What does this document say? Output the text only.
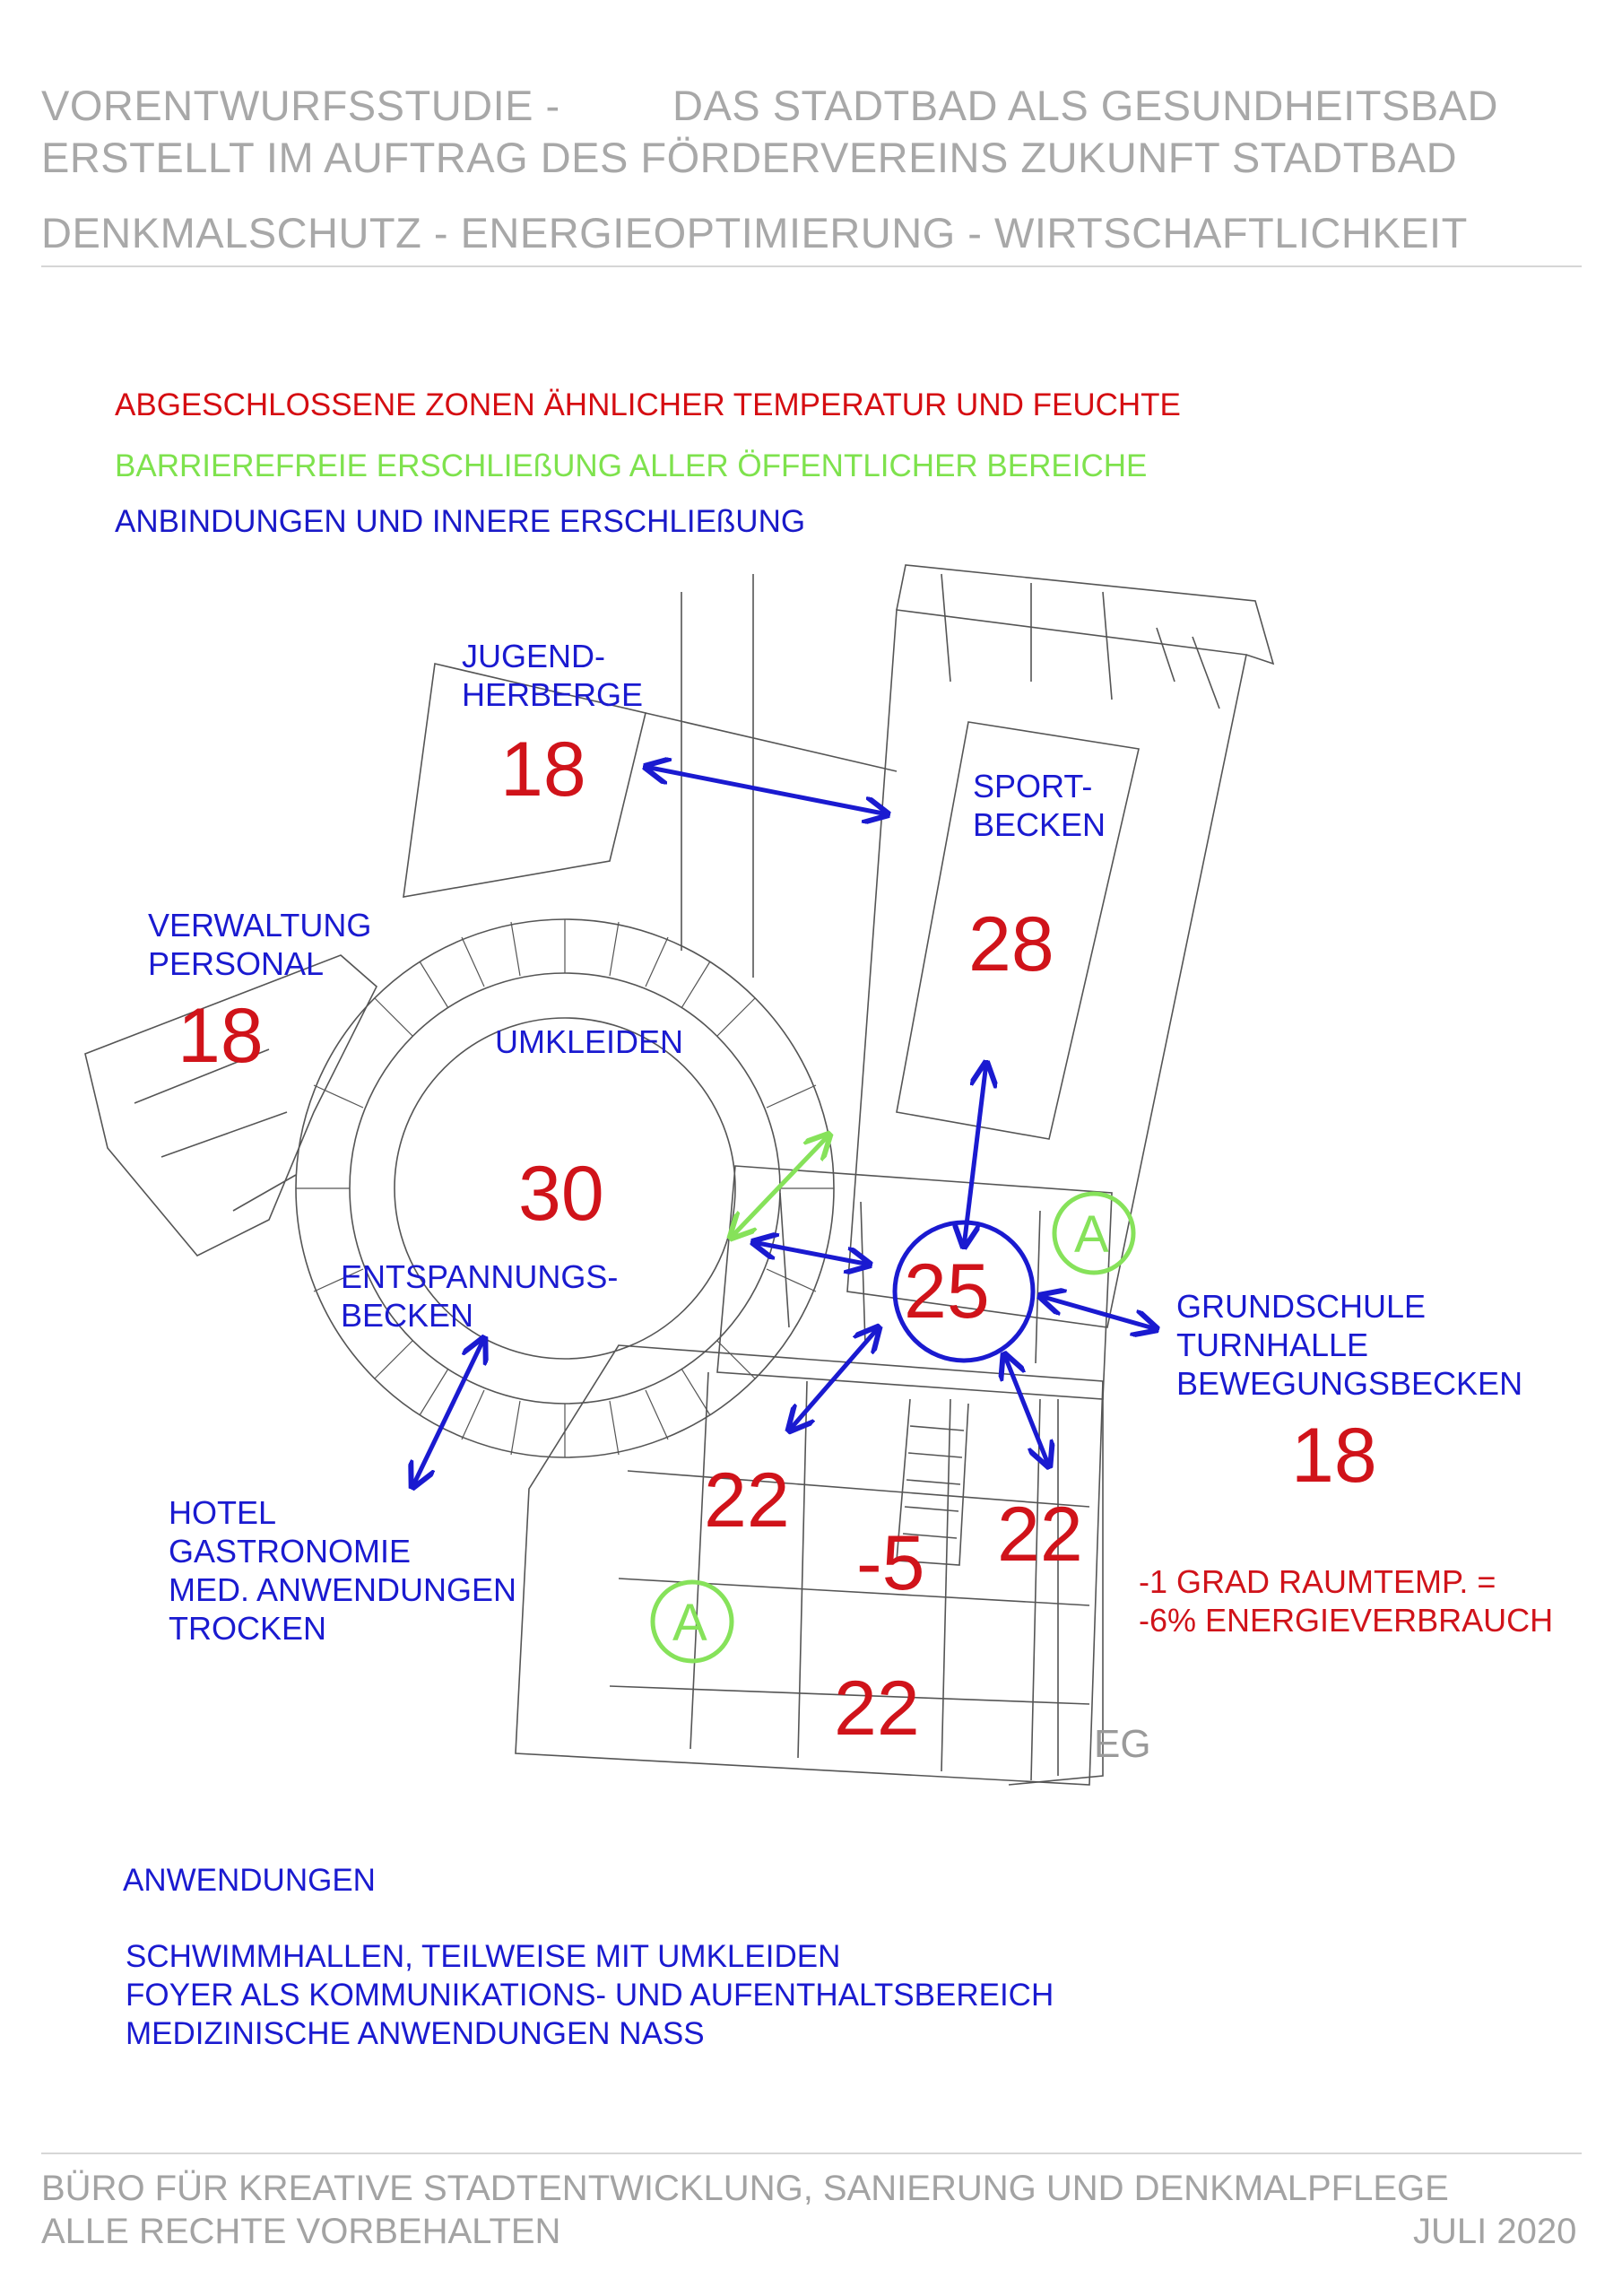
VORENTWURFSSTUDIE -	DAS STADTBAD ALS GESUNDHEITSBAD
ERSTELLT IM AUFTRAG DES FÖRDERVEREINS ZUKUNFT STADTBAD
DENKMALSCHUTZ - ENERGIEOPTIMIERUNG - WIRTSCHAFTLICHKEIT
ABGESCHLOSSENE ZONEN ÄHNLICHER TEMPERATUR UND FEUCHTE
BARRIEREFREIE ERSCHLIEßUNG ALLER ÖFFENTLICHER BEREICHE
ANBINDUNGEN UND INNERE ERSCHLIEßUNG
A
A
JUGEND-
HERBERGE
18	SPORT-
BECKEN
28
VERWALTUNG
PERSONAL
18	UMKLEIDEN
30
ENTSPANNUNGS-
BECKEN	25	GRUNDSCHULE
TURNHALLE
BEWEGUNGSBECKEN
18
HOTEL
GASTRONOMIE
MED. ANWENDUNGEN
TROCKEN
22
-5 22
22
-1 GRAD RAUMTEMP. =
-6% ENERGIEVERBRAUCH
EG
ANWENDUNGEN
SCHWIMMHALLEN, TEILWEISE MIT UMKLEIDEN
FOYER ALS KOMMUNIKATIONS- UND AUFENTHALTSBEREICH
MEDIZINISCHE ANWENDUNGEN NASS
BÜRO FÜR KREATIVE STADTENTWICKLUNG, SANIERUNG UND DENKMALPFLEGE
ALLE RECHTE VORBEHALTEN	JULI 2020
